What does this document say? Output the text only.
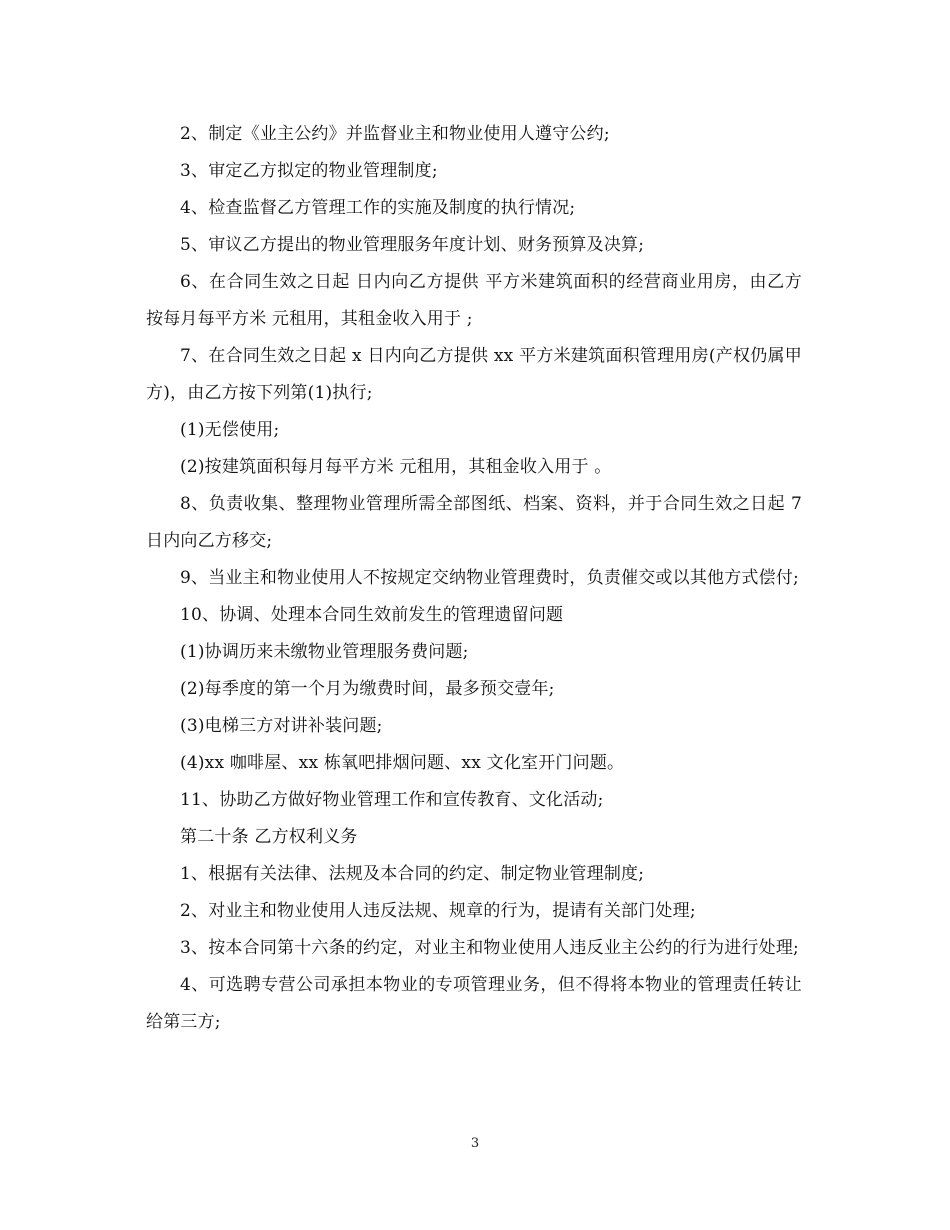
2、制定《业主公约》并监督业主和物业使用人遵守公约;

3、审定乙方拟定的物业管理制度;

4、检查监督乙方管理工作的实施及制度的执行情况;

5、审议乙方提出的物业管理服务年度计划、财务预算及决算;

6、在合同生效之日起 日内向乙方提供 平方米建筑面积的经营商业用房，由乙方按每月每平方米 元租用，其租金收入用于 ;

7、在合同生效之日起 x 日内向乙方提供 xx 平方米建筑面积管理用房(产权仍属甲方)，由乙方按下列第(1)执行;

(1)无偿使用;

(2)按建筑面积每月每平方米 元租用，其租金收入用于 。

8、负责收集、整理物业管理所需全部图纸、档案、资料，并于合同生效之日起 7 日内向乙方移交;

9、当业主和物业使用人不按规定交纳物业管理费时，负责催交或以其他方式偿付;

10、协调、处理本合同生效前发生的管理遗留问题

(1)协调历来未缴物业管理服务费问题;

(2)每季度的第一个月为缴费时间，最多预交壹年;

(3)电梯三方对讲补装问题;

(4)xx 咖啡屋、xx 栋氧吧排烟问题、xx 文化室开门问题。

11、协助乙方做好物业管理工作和宣传教育、文化活动;

第二十条 乙方权利义务

1、根据有关法律、法规及本合同的约定、制定物业管理制度;

2、对业主和物业使用人违反法规、规章的行为，提请有关部门处理;

3、按本合同第十六条的约定，对业主和物业使用人违反业主公约的行为进行处理;

4、可选聘专营公司承担本物业的专项管理业务，但不得将本物业的管理责任转让给第三方;

3
